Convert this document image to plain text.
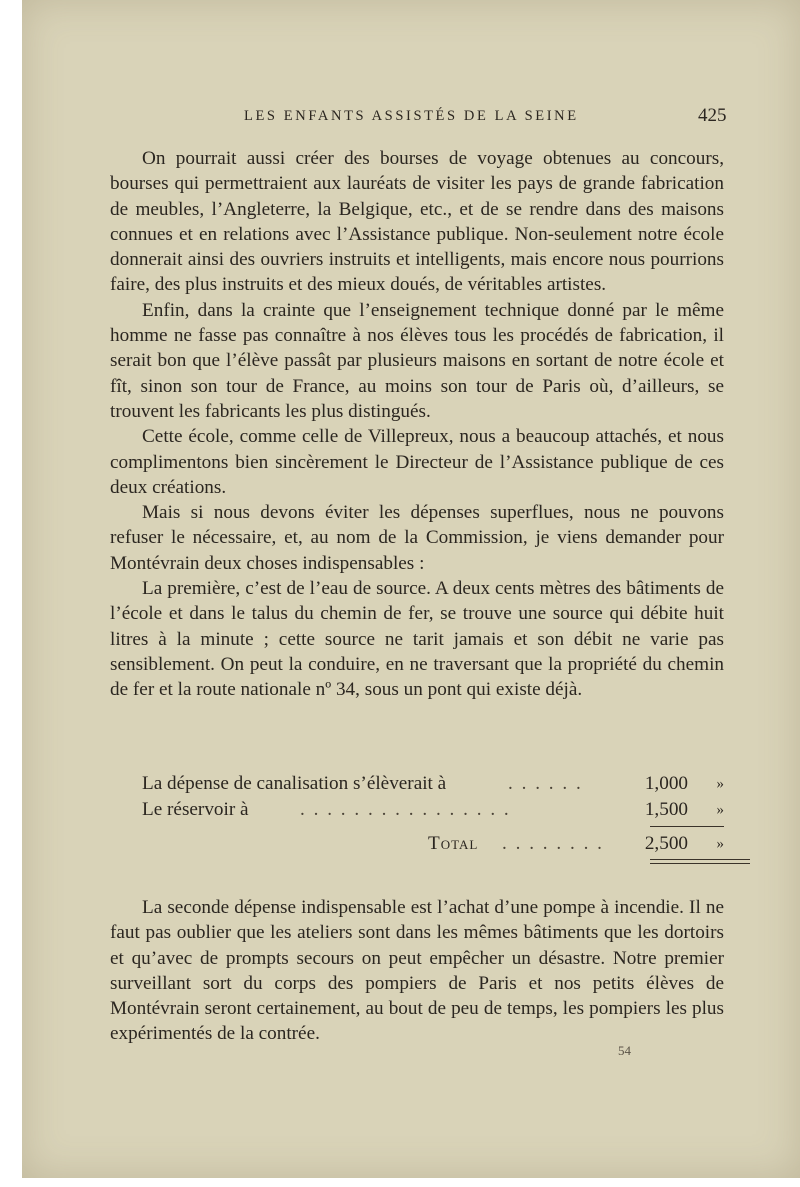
LES ENFANTS ASSISTÉS DE LA SEINE	425

On pourrait aussi créer des bourses de voyage obtenues au concours, bourses qui permettraient aux lauréats de visiter les pays de grande fabrication de meubles, l’Angleterre, la Belgique, etc., et de se rendre dans des maisons connues et en relations avec l’Assistance publique. Non-seulement notre école donnerait ainsi des ouvriers instruits et intelligents, mais encore nous pourrions faire, des plus instruits et des mieux doués, de véritables artistes.

Enfin, dans la crainte que l’enseignement technique donné par le même homme ne fasse pas connaître à nos élèves tous les procédés de fabrication, il serait bon que l’élève passât par plusieurs maisons en sortant de notre école et fît, sinon son tour de France, au moins son tour de Paris où, d’ailleurs, se trouvent les fabricants les plus distingués.

Cette école, comme celle de Villepreux, nous a beaucoup attachés, et nous complimentons bien sincèrement le Directeur de l’Assistance publique de ces deux créations.

Mais si nous devons éviter les dépenses superflues, nous ne pouvons refuser le nécessaire, et, au nom de la Commission, je viens demander pour Montévrain deux choses indispensables :

La première, c’est de l’eau de source. A deux cents mètres des bâtiments de l’école et dans le talus du chemin de fer, se trouve une source qui débite huit litres à la minute ; cette source ne tarit jamais et son débit ne varie pas sensiblement. On peut la conduire, en ne traversant que la propriété du chemin de fer et la route nationale nº 34, sous un pont qui existe déjà.

La dépense de canalisation s’élèverait à	. . . . . .	1,000 »
Le réservoir à	. . . . . . . . . . . . . . . .	1,500 »
Total . . . . . . . . 2,500 »

La seconde dépense indispensable est l’achat d’une pompe à incendie. Il ne faut pas oublier que les ateliers sont dans les mêmes bâtiments que les dortoirs et qu’avec de prompts secours on peut empêcher un désastre. Notre premier surveillant sort du corps des pompiers de Paris et nos petits élèves de Montévrain seront certainement, au bout de peu de temps, les pompiers les plus expérimentés de la contrée.

54
